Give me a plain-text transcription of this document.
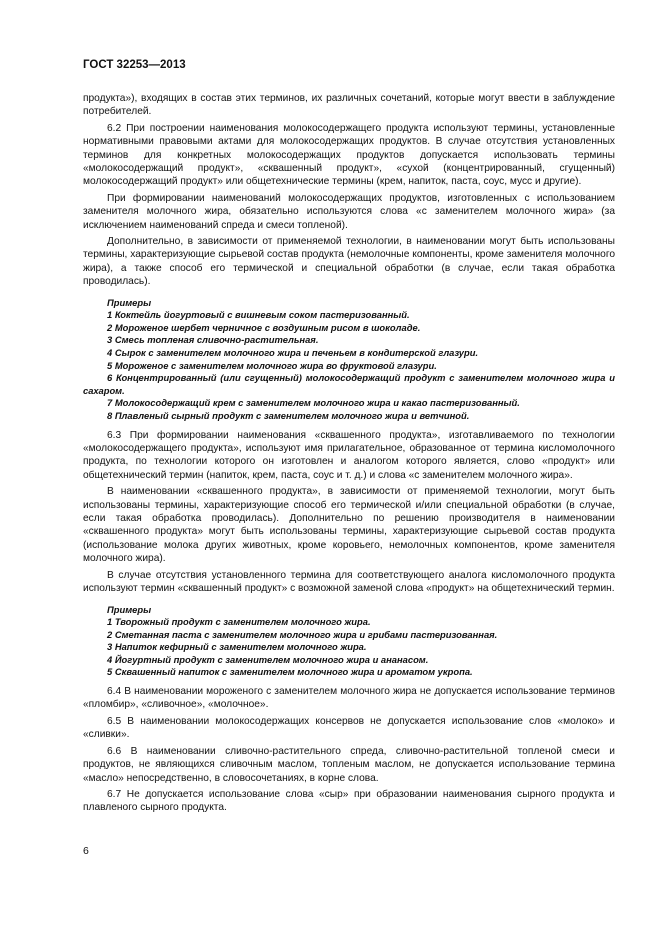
ГОСТ 32253—2013

продукта»), входящих в состав этих терминов, их различных сочетаний, которые могут ввести в заблуждение потребителей.

6.2 При построении наименования молокосодержащего продукта используют термины, установленные нормативными правовыми актами для молокосодержащих продуктов. В случае отсутствия установленных терминов для конкретных молокосодержащих продуктов допускается использовать термины «молокосодержащий продукт», «сквашенный продукт», «сухой (концентрированный, сгущенный) молокосодержащий продукт» или общетехнические термины (крем, напиток, паста, соус, мусс и другие).

При формировании наименований молокосодержащих продуктов, изготовленных с использованием заменителя молочного жира, обязательно используются слова «с заменителем молочного жира» (за исключением наименований спреда и смеси топленой).

Дополнительно, в зависимости от применяемой технологии, в наименовании могут быть использованы термины, характеризующие сырьевой состав продукта (немолочные компоненты, кроме заменителя молочного жира), а также способ его термической и специальной обработки (в случае, если такая обработка проводилась).

Примеры
1 Коктейль йогуртовый с вишневым соком пастеризованный.
2 Мороженое шербет черничное с воздушным рисом в шоколаде.
3 Смесь топленая сливочно-растительная.
4 Сырок с заменителем молочного жира и печеньем в кондитерской глазури.
5 Мороженое с заменителем молочного жира во фруктовой глазури.
6 Концентрированный (или сгущенный) молокосодержащий продукт с заменителем молочного жира и сахаром.
7 Молокосодержащий крем с заменителем молочного жира и какао пастеризованный.
8 Плавленый сырный продукт с заменителем молочного жира и ветчиной.

6.3 При формировании наименования «сквашенного продукта», изготавливаемого по технологии «молокосодержащего продукта», используют имя прилагательное, образованное от термина кисломолочного продукта, по технологии которого он изготовлен и аналогом которого является, слово «продукт» или общетехнический термин (напиток, крем, паста, соус и т. д.) и слова «с заменителем молочного жира».

В наименовании «сквашенного продукта», в зависимости от применяемой технологии, могут быть использованы термины, характеризующие способ его термической и/или специальной обработки (в случае, если такая обработка проводилась). Дополнительно по решению производителя в наименовании «сквашенного продукта» могут быть использованы термины, характеризующие сырьевой состав продукта (использование молока других животных, кроме коровьего, немолочных компонентов, кроме заменителя молочного жира).

В случае отсутствия установленного термина для соответствующего аналога кисломолочного продукта используют термин «сквашенный продукт» с возможной заменой слова «продукт» на общетехнический термин.

Примеры
1 Творожный продукт с заменителем молочного жира.
2 Сметанная паста с заменителем молочного жира и грибами пастеризованная.
3 Напиток кефирный с заменителем молочного жира.
4 Йогуртный продукт с заменителем молочного жира и ананасом.
5 Сквашенный напиток с заменителем молочного жира и ароматом укропа.

6.4 В наименовании мороженого с заменителем молочного жира не допускается использование терминов «пломбир», «сливочное», «молочное».

6.5 В наименовании молокосодержащих консервов не допускается использование слов «молоко» и «сливки».

6.6 В наименовании сливочно-растительного спреда, сливочно-растительной топленой смеси и продуктов, не являющихся сливочным маслом, топленым маслом, не допускается использование термина «масло» непосредственно, в словосочетаниях, в корне слова.

6.7 Не допускается использование слова «сыр» при образовании наименования сырного продукта и плавленого сырного продукта.

6
